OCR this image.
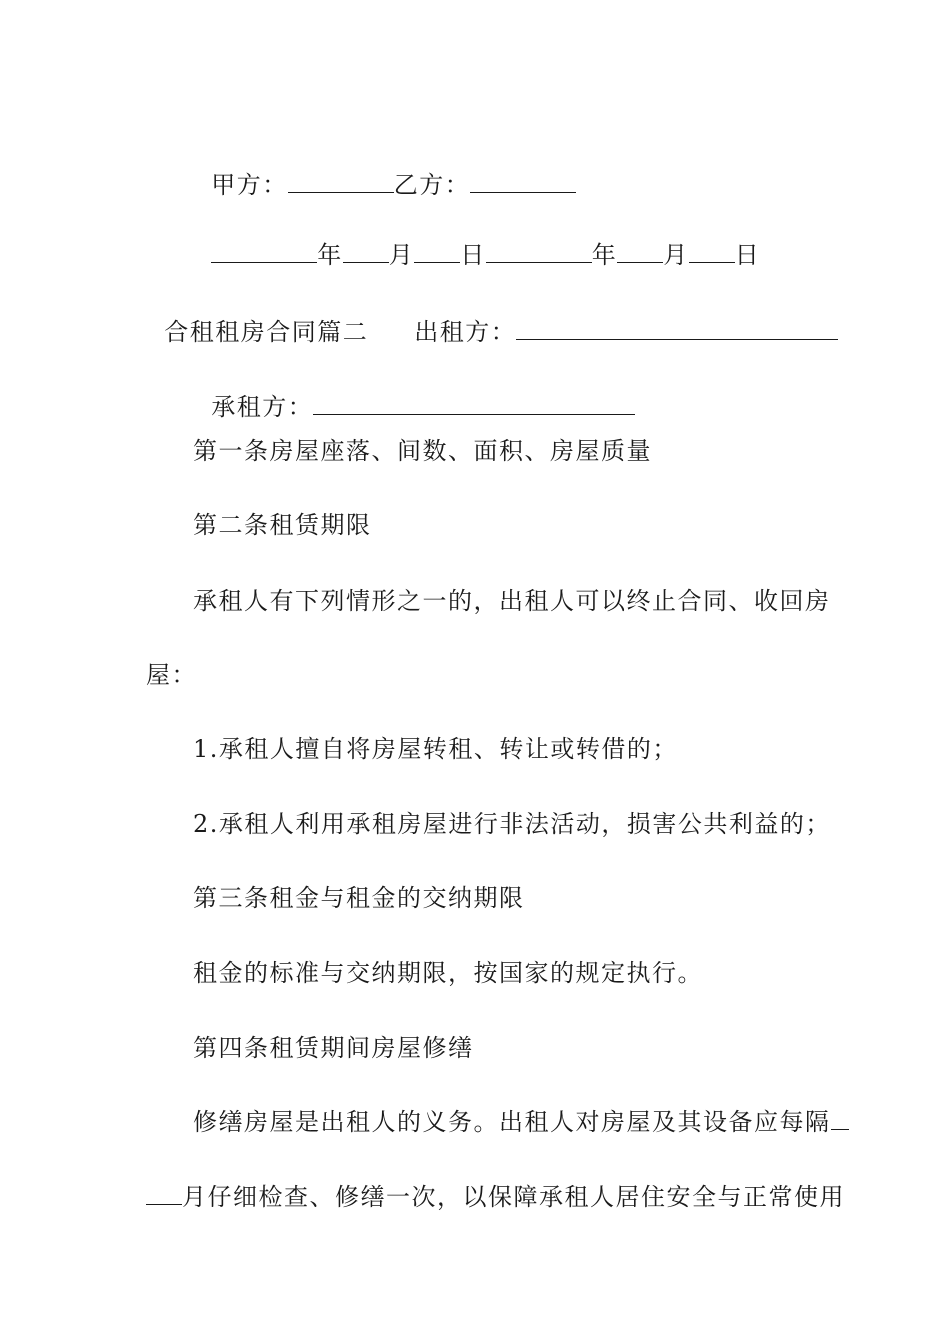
甲方：	乙方：

年 月 日	年 月 日

合租租房合同篇二 出租方：

承租方：

第一条房屋座落、间数、面积、房屋质量
第二条租赁期限
承租人有下列情形之一的，出租人可以终止合同、收回房
屋：
1.承租人擅自将房屋转租、转让或转借的；
2.承租人利用承租房屋进行非法活动，损害公共利益的；
第三条租金与租金的交纳期限
租金的标准与交纳期限，按国家的规定执行。
第四条租赁期间房屋修缮
修缮房屋是出租人的义务。出租人对房屋及其设备应每隔
月仔细检查、修缮一次，以保障承租人居住安全与正常使用
